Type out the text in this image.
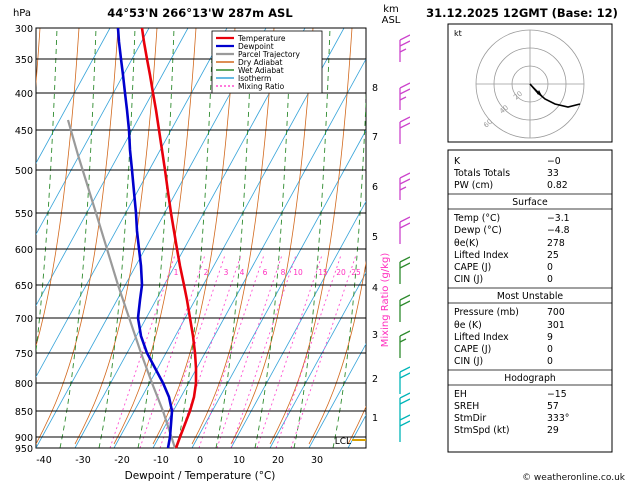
hPa	44°53'N 266°13'W 287m ASL	km
ASL
300
350
400
450
500
550
600
650
700
750
800
850
900
950
1
2
3
4
5
6
7
8
1	2 3 4 6 8 10 15 20 25 Mixing Ratio (g/kg)
LCL
-40 -30 -20 -10	0	10	20	30
Dewpoint / Temperature (°C)
Temperature
Dewpoint
Parcel Trajectory
Dry Adiabat
Wet Adiabat
Isotherm
Mixing Ratio
31.12.2025 12GMT (Base: 12)
kt
20
40
60
K	−0
Totals Totals	33
PW (cm)	0.82
Surface
Temp (°C)	−3.1
Dewp (°C)	−4.8
θe(K)	278
Lifted Index	25
CAPE (J)	0
CIN (J)	0
Most Unstable
Pressure (mb)	700
θe (K)	301
Lifted Index	9
CAPE (J)	0
CIN (J)	0
Hodograph
EH	−15
SREH	57
StmDir	333°
StmSpd (kt)	29
© weatheronline.co.uk
